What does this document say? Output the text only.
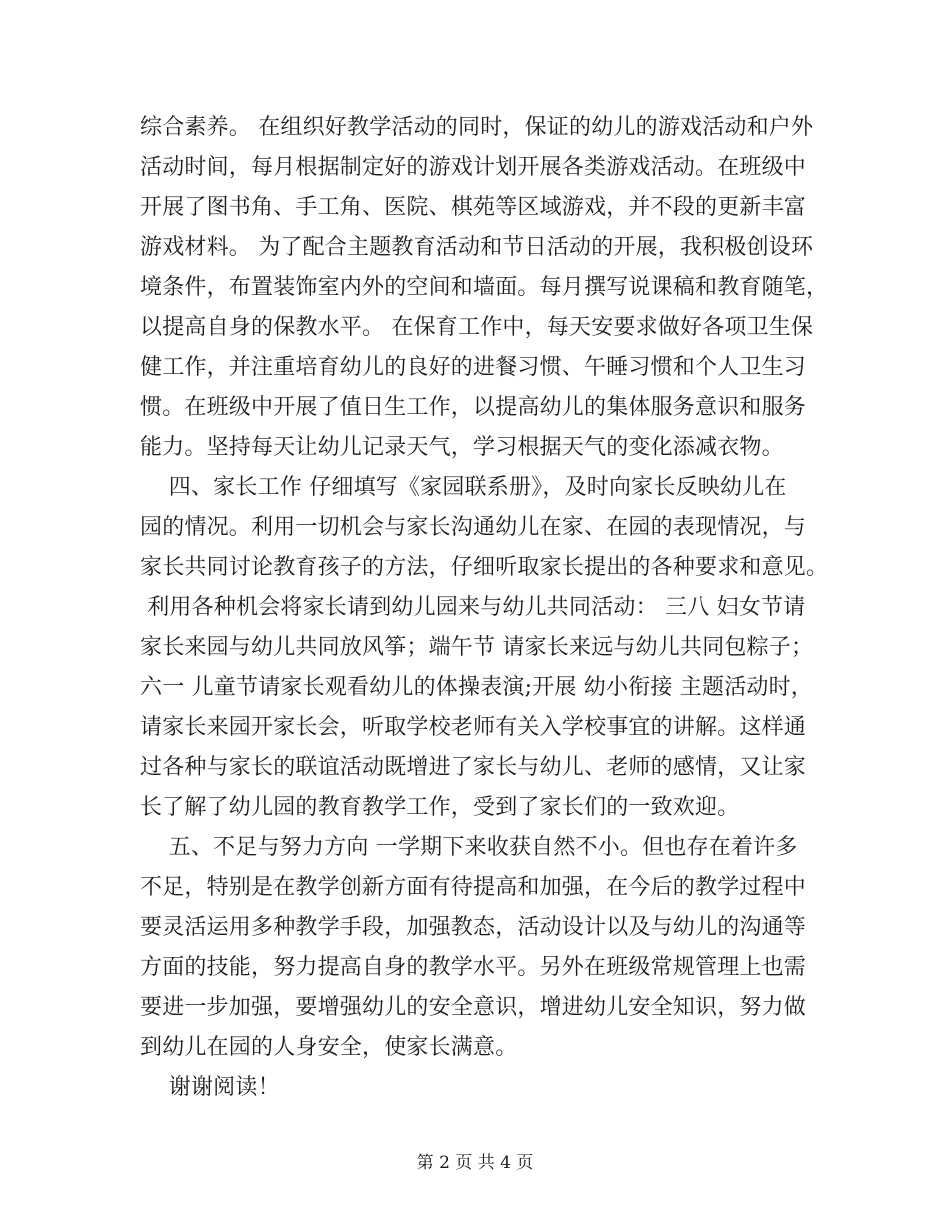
综合素养。 在组织好教学活动的同时，保证的幼儿的游戏活动和户外
活动时间，每月根据制定好的游戏计划开展各类游戏活动。在班级中
开展了图书角、手工角、医院、棋苑等区域游戏，并不段的更新丰富
游戏材料。 为了配合主题教育活动和节日活动的开展，我积极创设环
境条件，布置装饰室内外的空间和墙面。每月撰写说课稿和教育随笔，
以提高自身的保教水平。 在保育工作中，每天安要求做好各项卫生保
健工作，并注重培育幼儿的良好的进餐习惯、午睡习惯和个人卫生习
惯。在班级中开展了值日生工作，以提高幼儿的集体服务意识和服务
能力。坚持每天让幼儿记录天气，学习根据天气的变化添减衣物。
四、家长工作 仔细填写《家园联系册》，及时向家长反映幼儿在
园的情况。利用一切机会与家长沟通幼儿在家、在园的表现情况，与
家长共同讨论教育孩子的方法，仔细听取家长提出的各种要求和意见。
利用各种机会将家长请到幼儿园来与幼儿共同活动： 三八 妇女节请
家长来园与幼儿共同放风筝；端午节 请家长来远与幼儿共同包粽子；
六一 儿童节请家长观看幼儿的体操表演;开展 幼小衔接 主题活动时，
请家长来园开家长会，听取学校老师有关入学校事宜的讲解。这样通
过各种与家长的联谊活动既增进了家长与幼儿、老师的感情，又让家
长了解了幼儿园的教育教学工作，受到了家长们的一致欢迎。
五、不足与努力方向 一学期下来收获自然不小。但也存在着许多
不足，特别是在教学创新方面有待提高和加强，在今后的教学过程中
要灵活运用多种教学手段，加强教态，活动设计以及与幼儿的沟通等
方面的技能，努力提高自身的教学水平。另外在班级常规管理上也需
要进一步加强，要增强幼儿的安全意识，增进幼儿安全知识，努力做
到幼儿在园的人身安全，使家长满意。
谢谢阅读！
第 2 页 共 4 页
